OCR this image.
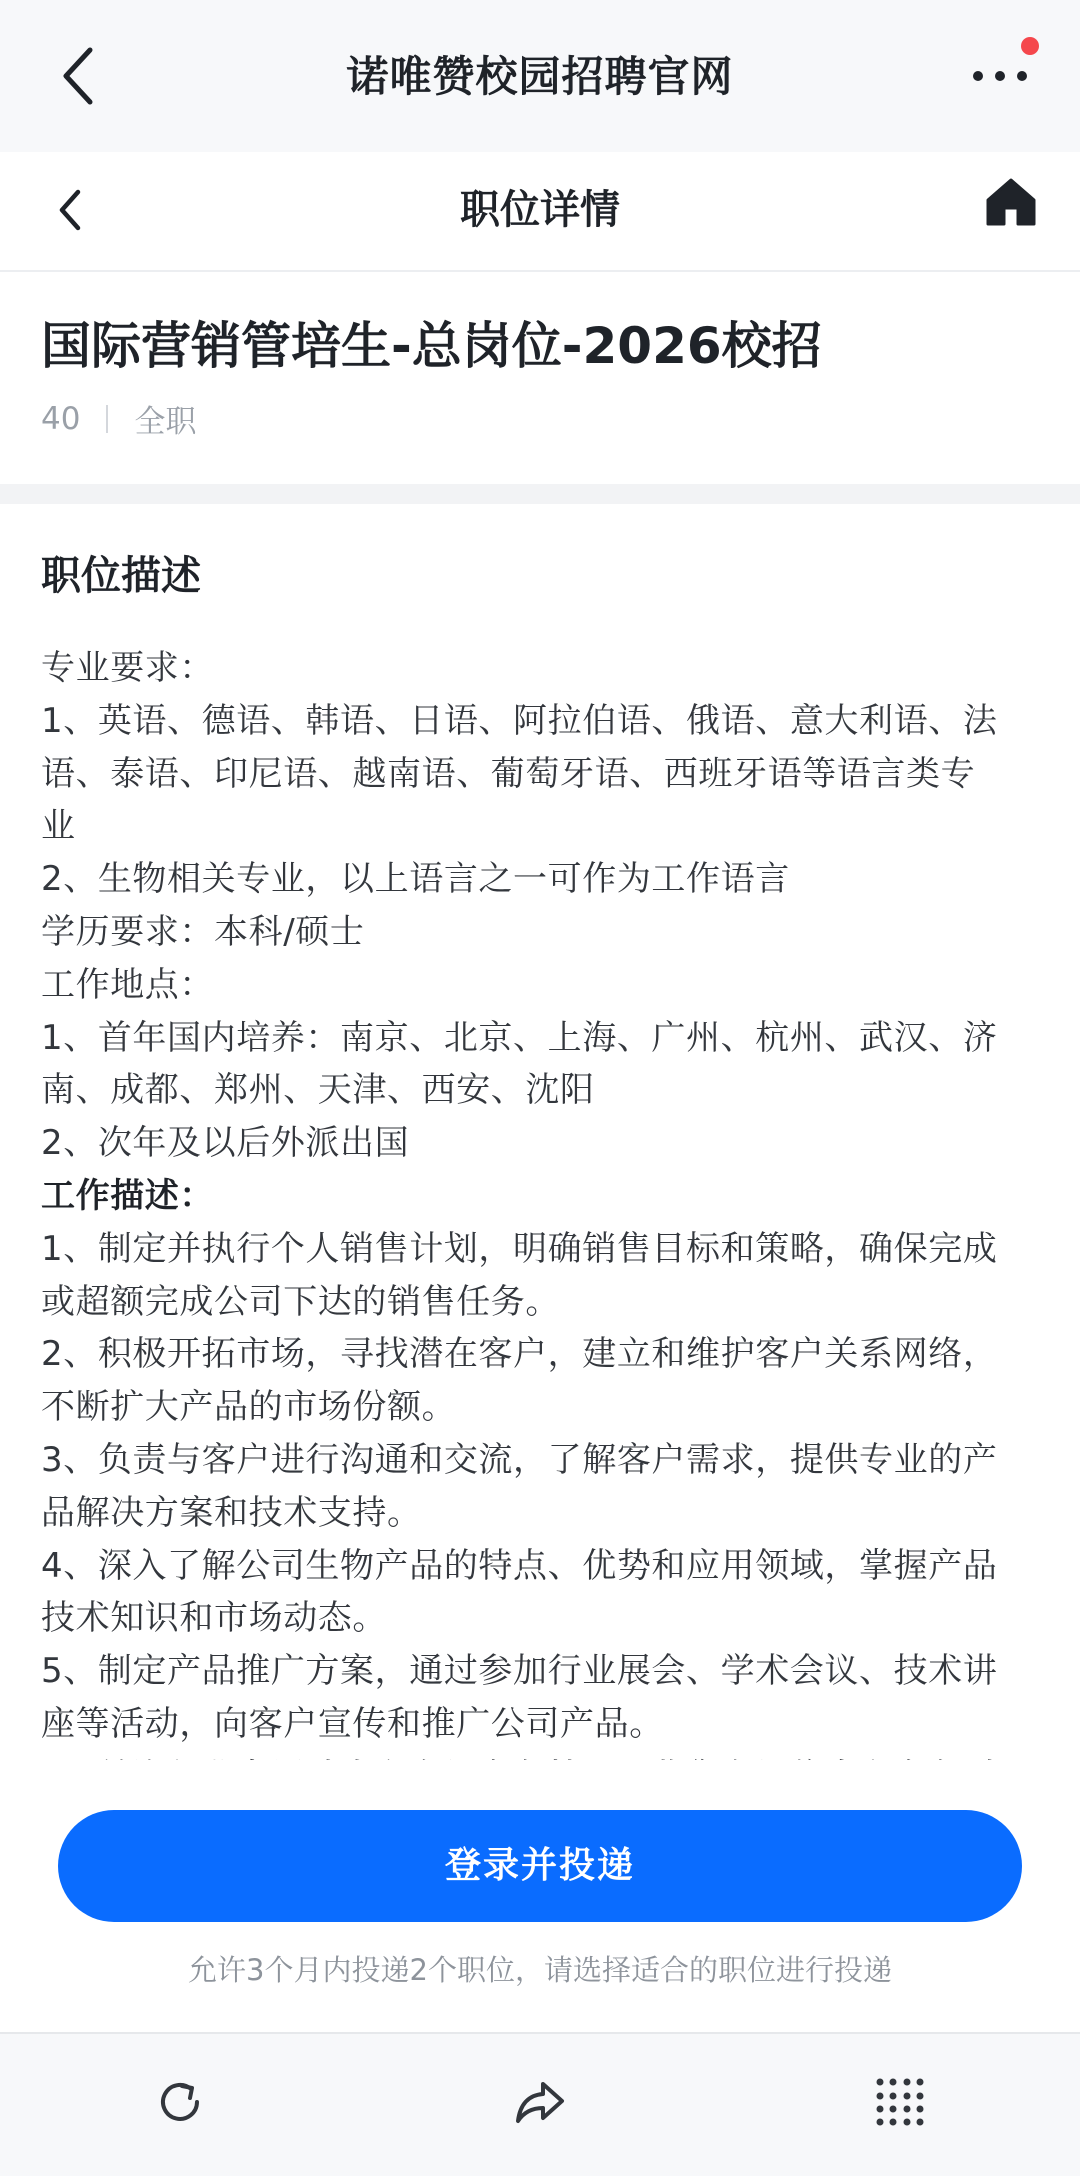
诺唯赞校园招聘官网
职位详情
国际营销管培生-总岗位-2026校招
40 全职
职位描述
专业要求：
1、英语、德语、韩语、日语、阿拉伯语、俄语、意大利语、法
语、泰语、印尼语、越南语、葡萄牙语、西班牙语等语言类专
业
2、生物相关专业，以上语言之一可作为工作语言
学历要求：本科/硕士
工作地点：
1、首年国内培养：南京、北京、上海、广州、杭州、武汉、济
南、成都、郑州、天津、西安、沈阳
2、次年及以后外派出国
工作描述：
1、制定并执行个人销售计划，明确销售目标和策略，确保完成
或超额完成公司下达的销售任务。
2、积极开拓市场，寻找潜在客户，建立和维护客户关系网络，
不断扩大产品的市场份额。
3、负责与客户进行沟通和交流，了解客户需求，提供专业的产
品解决方案和技术支持。
4、深入了解公司生物产品的特点、优势和应用领域，掌握产品
技术知识和市场动态。
5、制定产品推广方案，通过参加行业展会、学术会议、技术讲
座等活动，向客户宣传和推广公司产品。
登录并投递
允许3个月内投递2个职位，请选择适合的职位进行投递
